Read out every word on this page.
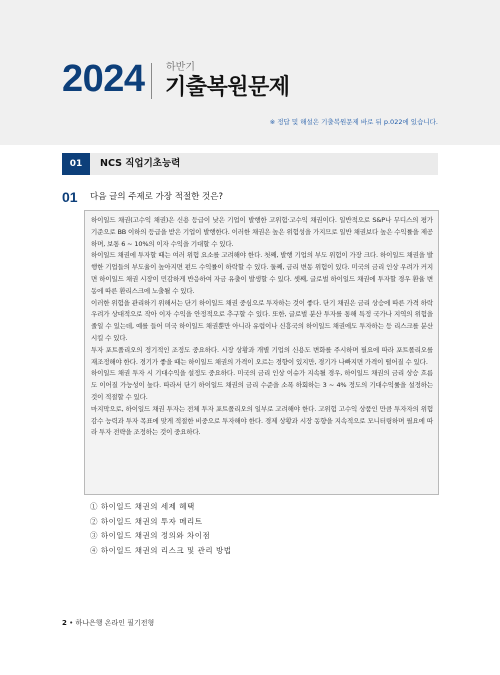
2024 하반기
기출복원문제
※ 정답 및 해설은 기출복원문제 바로 뒤 p.022에 있습니다.
01	NCS 직업기초능력
01 다음 글의 주제로 가장 적절한 것은?

하이일드 채권(고수익 채권)은 신용 등급이 낮은 기업이 발행한 고위험·고수익 채권이다. 일반적으로 S&P나 무디스의 평가 기준으로 BB 이하의 등급을 받은 기업이 발행한다. 이러한 채권은 높은 위험성을 가지므로 일반 채권보다 높은 수익률을 제공하며, 보통 6 ~ 10%의 이자 수익을 기대할 수 있다.

하이일드 채권에 투자할 때는 여러 위험 요소를 고려해야 한다. 첫째, 발행 기업의 부도 위험이 가장 크다. 하이일드 채권을 발행한 기업들의 부도율이 높아지면 펀드 수익률이 하락할 수 있다. 둘째, 금리 변동 위험이 있다. 미국의 금리 인상 우려가 커지면 하이일드 채권 시장이 민감하게 반응하여 자금 유출이 발생할 수 있다. 셋째, 글로벌 하이일드 채권에 투자할 경우 환율 변동에 따른 환리스크에 노출될 수 있다.

이러한 위험을 관리하기 위해서는 단기 하이일드 채권 중심으로 투자하는 것이 좋다. 단기 채권은 금리 상승에 따른 가격 하락 우려가 상대적으로 작아 이자 수익을 안정적으로 추구할 수 있다. 또한, 글로벌 분산 투자를 통해 특정 국가나 지역의 위험을 줄일 수 있는데, 예를 들어 미국 하이일드 채권뿐만 아니라 유럽이나 신흥국의 하이일드 채권에도 투자하는 등 리스크를 분산시킬 수 있다.

투자 포트폴리오의 정기적인 조정도 중요하다. 시장 상황과 개별 기업의 신용도 변화를 주시하며 필요에 따라 포트폴리오를 재조정해야 한다. 경기가 좋을 때는 하이일드 채권의 가격이 오르는 경향이 있지만, 경기가 나빠지면 가격이 떨어질 수 있다.

하이일드 채권 투자 시 기대수익을 설정도 중요하다. 미국의 금리 인상 이슈가 지속될 경우, 하이일드 채권의 금리 상승 흐름도 이어질 가능성이 높다. 따라서 단기 하이일드 채권의 금리 수준을 소폭 하회하는 3 ~ 4% 정도의 기대수익률을 설정하는 것이 적절할 수 있다.

마지막으로, 하이일드 채권 투자는 전체 투자 포트폴리오의 일부로 고려해야 한다. 고위험 고수익 상품인 만큼 투자자의 위험 감수 능력과 투자 목표에 맞게 적절한 비중으로 투자해야 한다. 경제 상황과 시장 동향을 지속적으로 모니터링하며 필요에 따라 투자 전략을 조정하는 것이 중요하다.

① 하이일드 채권의 세제 혜택
② 하이일드 채권의 투자 메리트
③ 하이일드 채권의 정의와 차이점
④ 하이일드 채권의 리스크 및 관리 방법
2 • 하나은행 온라인 필기전형
